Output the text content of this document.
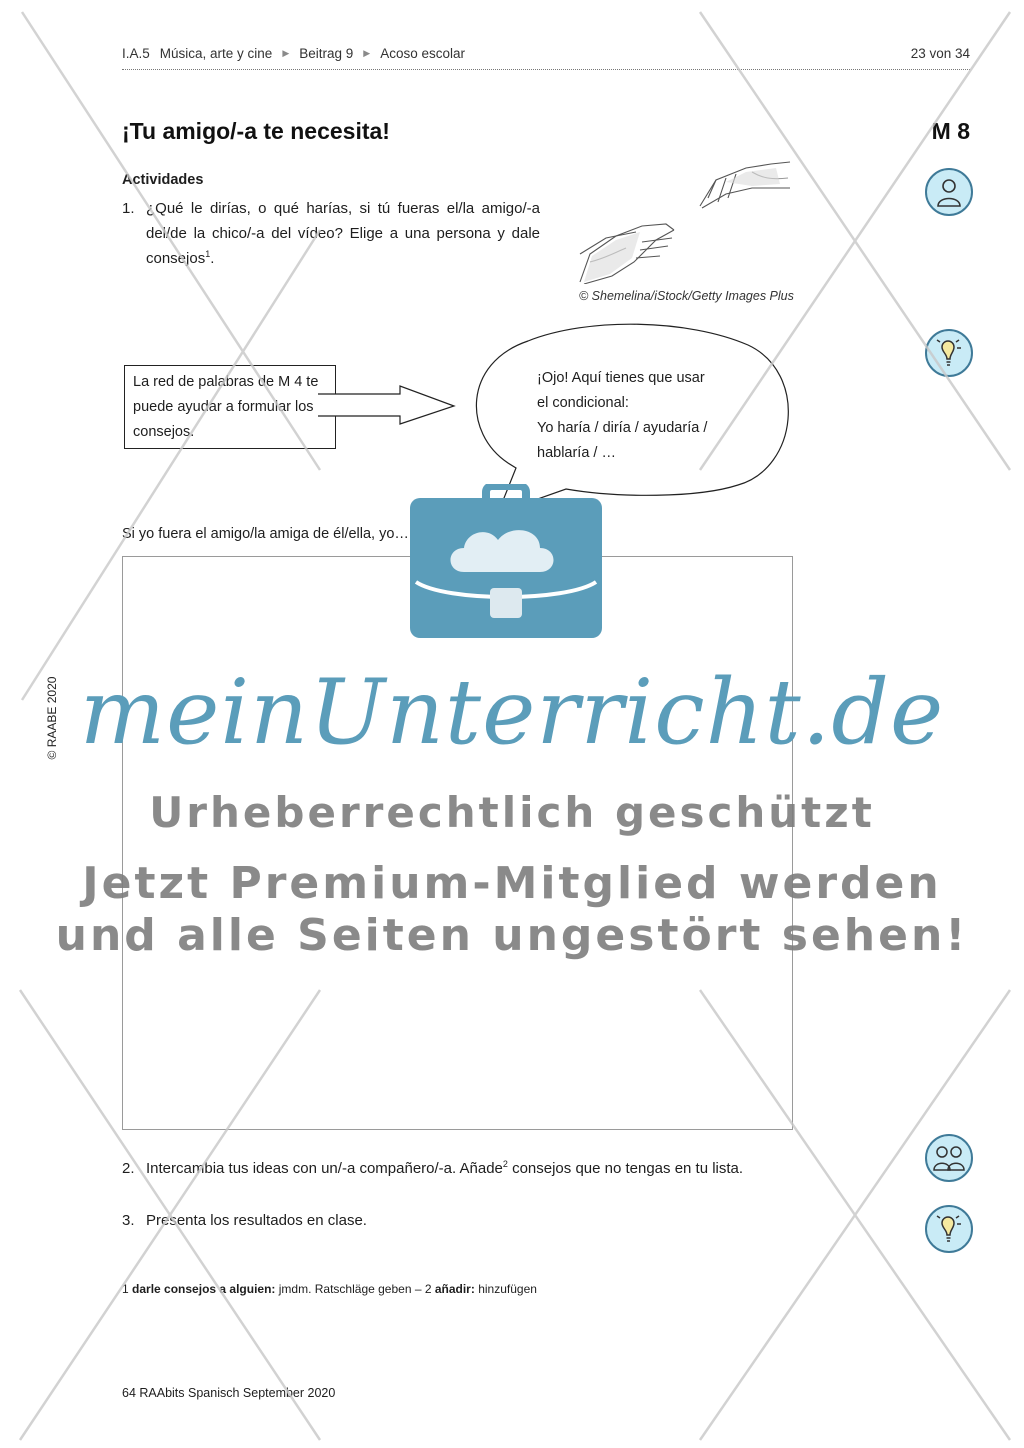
I.A.5 Música, arte y cine ▶ Beitrag 9 ▶ Acoso escolar	23 von 34
¡Tu amigo/-a te necesita!	M 8
Actividades
1. ¿Qué le dirías, o qué harías, si tú fueras el/la amigo/-a del/de la chico/-a del vídeo? Elige a una persona y dale consejos$^1$.
© Shemelina/iStock/Getty Images Plus
La red de palabras de M 4 te puede ayudar a formular los consejos.
¡Ojo! Aquí tienes que usar
el condicional:
Yo haría / diría / ayudaría /
hablaría / …
Si yo fuera el amigo/la amiga de él/ella, yo…
2. Intercambia tus ideas con un/-a compañero/-a. Añade$^2$ consejos que no tengas en tu lista.
3. Presenta los resultados en clase.
1 darle consejos a alguien: jmdm. Ratschläge geben – 2 añadir: hinzufügen
64 RAAbits Spanisch September 2020
© RAABE 2020 meinUnterricht.de
Urheberrechtlich geschützt
Jetzt Premium-Mitglied werden
und alle Seiten ungestört sehen!
